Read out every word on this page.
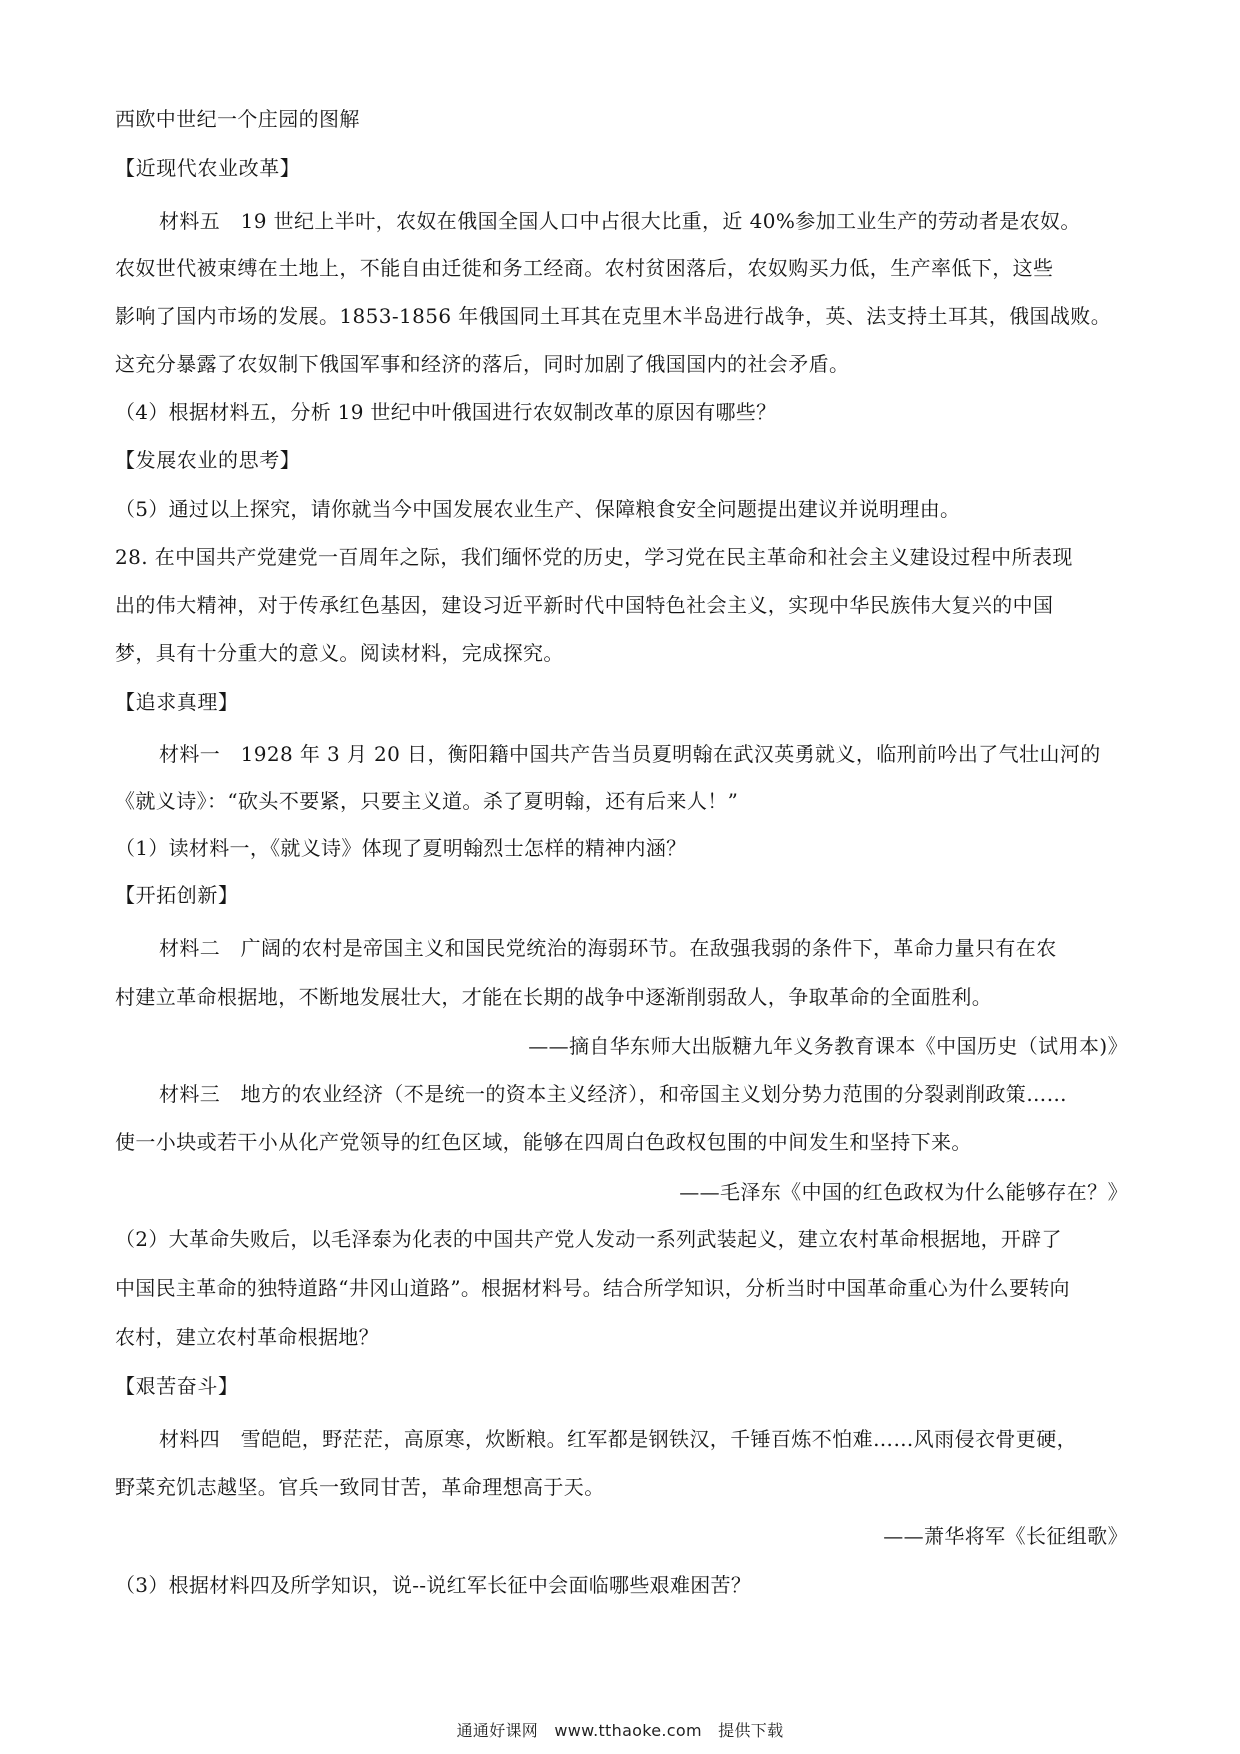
西欧中世纪一个庄园的图解
【近现代农业改革】
材料五　19 世纪上半叶，农奴在俄国全国人口中占很大比重，近 40%参加工业生产的劳动者是农奴。
农奴世代被束缚在土地上，不能自由迁徙和务工经商。农村贫困落后，农奴购买力低，生产率低下，这些
影响了国内市场的发展。1853-1856 年俄国同土耳其在克里木半岛进行战争，英、法支持土耳其，俄国战败。
这充分暴露了农奴制下俄国军事和经济的落后，同时加剧了俄国国内的社会矛盾。
（4）根据材料五，分析 19 世纪中叶俄国进行农奴制改革的原因有哪些？
【发展农业的思考】
（5）通过以上探究，请你就当今中国发展农业生产、保障粮食安全问题提出建议并说明理由。
28. 在中国共产党建党一百周年之际，我们缅怀党的历史，学习党在民主革命和社会主义建设过程中所表现
出的伟大精神，对于传承红色基因，建设习近平新时代中国特色社会主义，实现中华民族伟大复兴的中国
梦，具有十分重大的意义。阅读材料，完成探究。
【追求真理】
材料一　1928 年 3 月 20 日，衡阳籍中国共产告当员夏明翰在武汉英勇就义，临刑前吟出了气壮山河的
《就义诗》：“砍头不要紧，只要主义道。杀了夏明翰，还有后来人！”
（1）读材料一，《就义诗》体现了夏明翰烈士怎样的精神内涵？
【开拓创新】
材料二　广阔的农村是帝国主义和国民党统治的海弱环节。在敌强我弱的条件下，革命力量只有在农
村建立革命根据地，不断地发展壮大，才能在长期的战争中逐渐削弱敌人，争取革命的全面胜利。
——摘自华东师大出版糖九年义务教育课本《中国历史（试用本)》
材料三　地方的农业经济（不是统一的资本主义经济），和帝国主义划分势力范围的分裂剥削政策……
使一小块或若干小从化产党领导的红色区域，能够在四周白色政权包围的中间发生和坚持下来。
——毛泽东《中国的红色政权为什么能够存在？》
（2）大革命失败后，以毛泽泰为化表的中国共产党人发动一系列武装起义，建立农村革命根据地，开辟了
中国民主革命的独特道路“井冈山道路”。根据材料号。结合所学知识，分析当时中国革命重心为什么要转向
农村，建立农村革命根据地？
【艰苦奋斗】
材料四　雪皑皑，野茫茫，高原寒，炊断粮。红军都是钢铁汉，千锤百炼不怕难……风雨侵衣骨更硬，
野菜充饥志越坚。官兵一致同甘苦，革命理想高于天。
——萧华将军《长征组歌》
（3）根据材料四及所学知识，说--说红军长征中会面临哪些艰难困苦？
通通好课网　www.tthaoke.com　提供下载
